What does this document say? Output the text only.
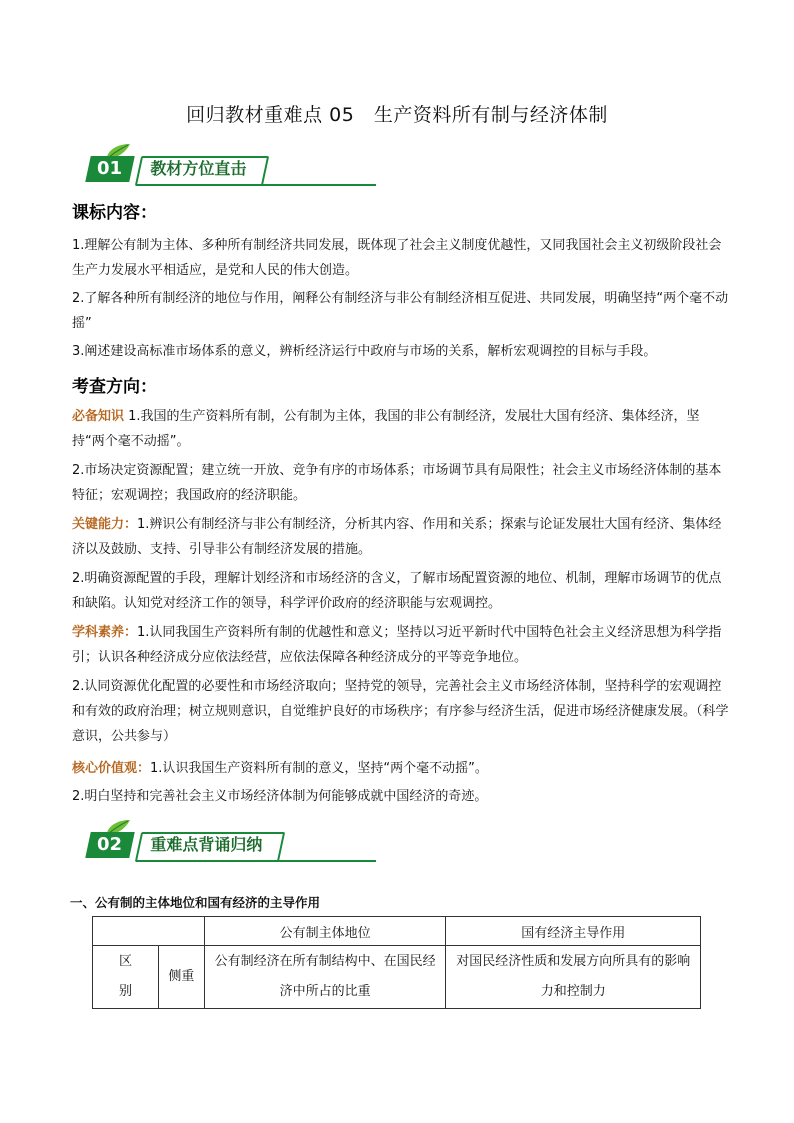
回归教材重难点 05　生产资料所有制与经济体制
01	教材方位直击
课标内容：
1.理解公有制为主体、多种所有制经济共同发展，既体现了社会主义制度优越性，又同我国社会主义初级阶段社会生产力发展水平相适应，是党和人民的伟大创造。
2.了解各种所有制经济的地位与作用，阐释公有制经济与非公有制经济相互促进、共同发展，明确坚持“两个毫不动摇”
3.阐述建设高标准市场体系的意义，辨析经济运行中政府与市场的关系，解析宏观调控的目标与手段。
考查方向：
必备知识 1.我国的生产资料所有制，公有制为主体，我国的非公有制经济，发展壮大国有经济、集体经济，坚持“两个毫不动摇”。
2.市场决定资源配置；建立统一开放、竞争有序的市场体系；市场调节具有局限性；社会主义市场经济体制的基本特征；宏观调控；我国政府的经济职能。
关键能力：1.辨识公有制经济与非公有制经济，分析其内容、作用和关系；探索与论证发展壮大国有经济、集体经济以及鼓励、支持、引导非公有制经济发展的措施。
2.明确资源配置的手段，理解计划经济和市场经济的含义，了解市场配置资源的地位、机制，理解市场调节的优点和缺陷。认知党对经济工作的领导，科学评价政府的经济职能与宏观调控。
学科素养：1.认同我国生产资料所有制的优越性和意义；坚持以习近平新时代中国特色社会主义经济思想为科学指引；认识各种经济成分应依法经营，应依法保障各种经济成分的平等竞争地位。
2.认同资源优化配置的必要性和市场经济取向；坚持党的领导，完善社会主义市场经济体制，坚持科学的宏观调控和有效的政府治理；树立规则意识，自觉维护良好的市场秩序；有序参与经济生活，促进市场经济健康发展。（科学意识，公共参与）
核心价值观：1.认识我国生产资料所有制的意义，坚持“两个毫不动摇”。
2.明白坚持和完善社会主义市场经济体制为何能够成就中国经济的奇迹。
02	重难点背诵归纳
一、公有制的主体地位和国有经济的主导作用
		公有制主体地位	国有经济主导作用

区
别	侧重	公有制经济在所有制结构中、在国民经济中所占的比重	对国民经济性质和发展方向所具有的影响力和控制力
